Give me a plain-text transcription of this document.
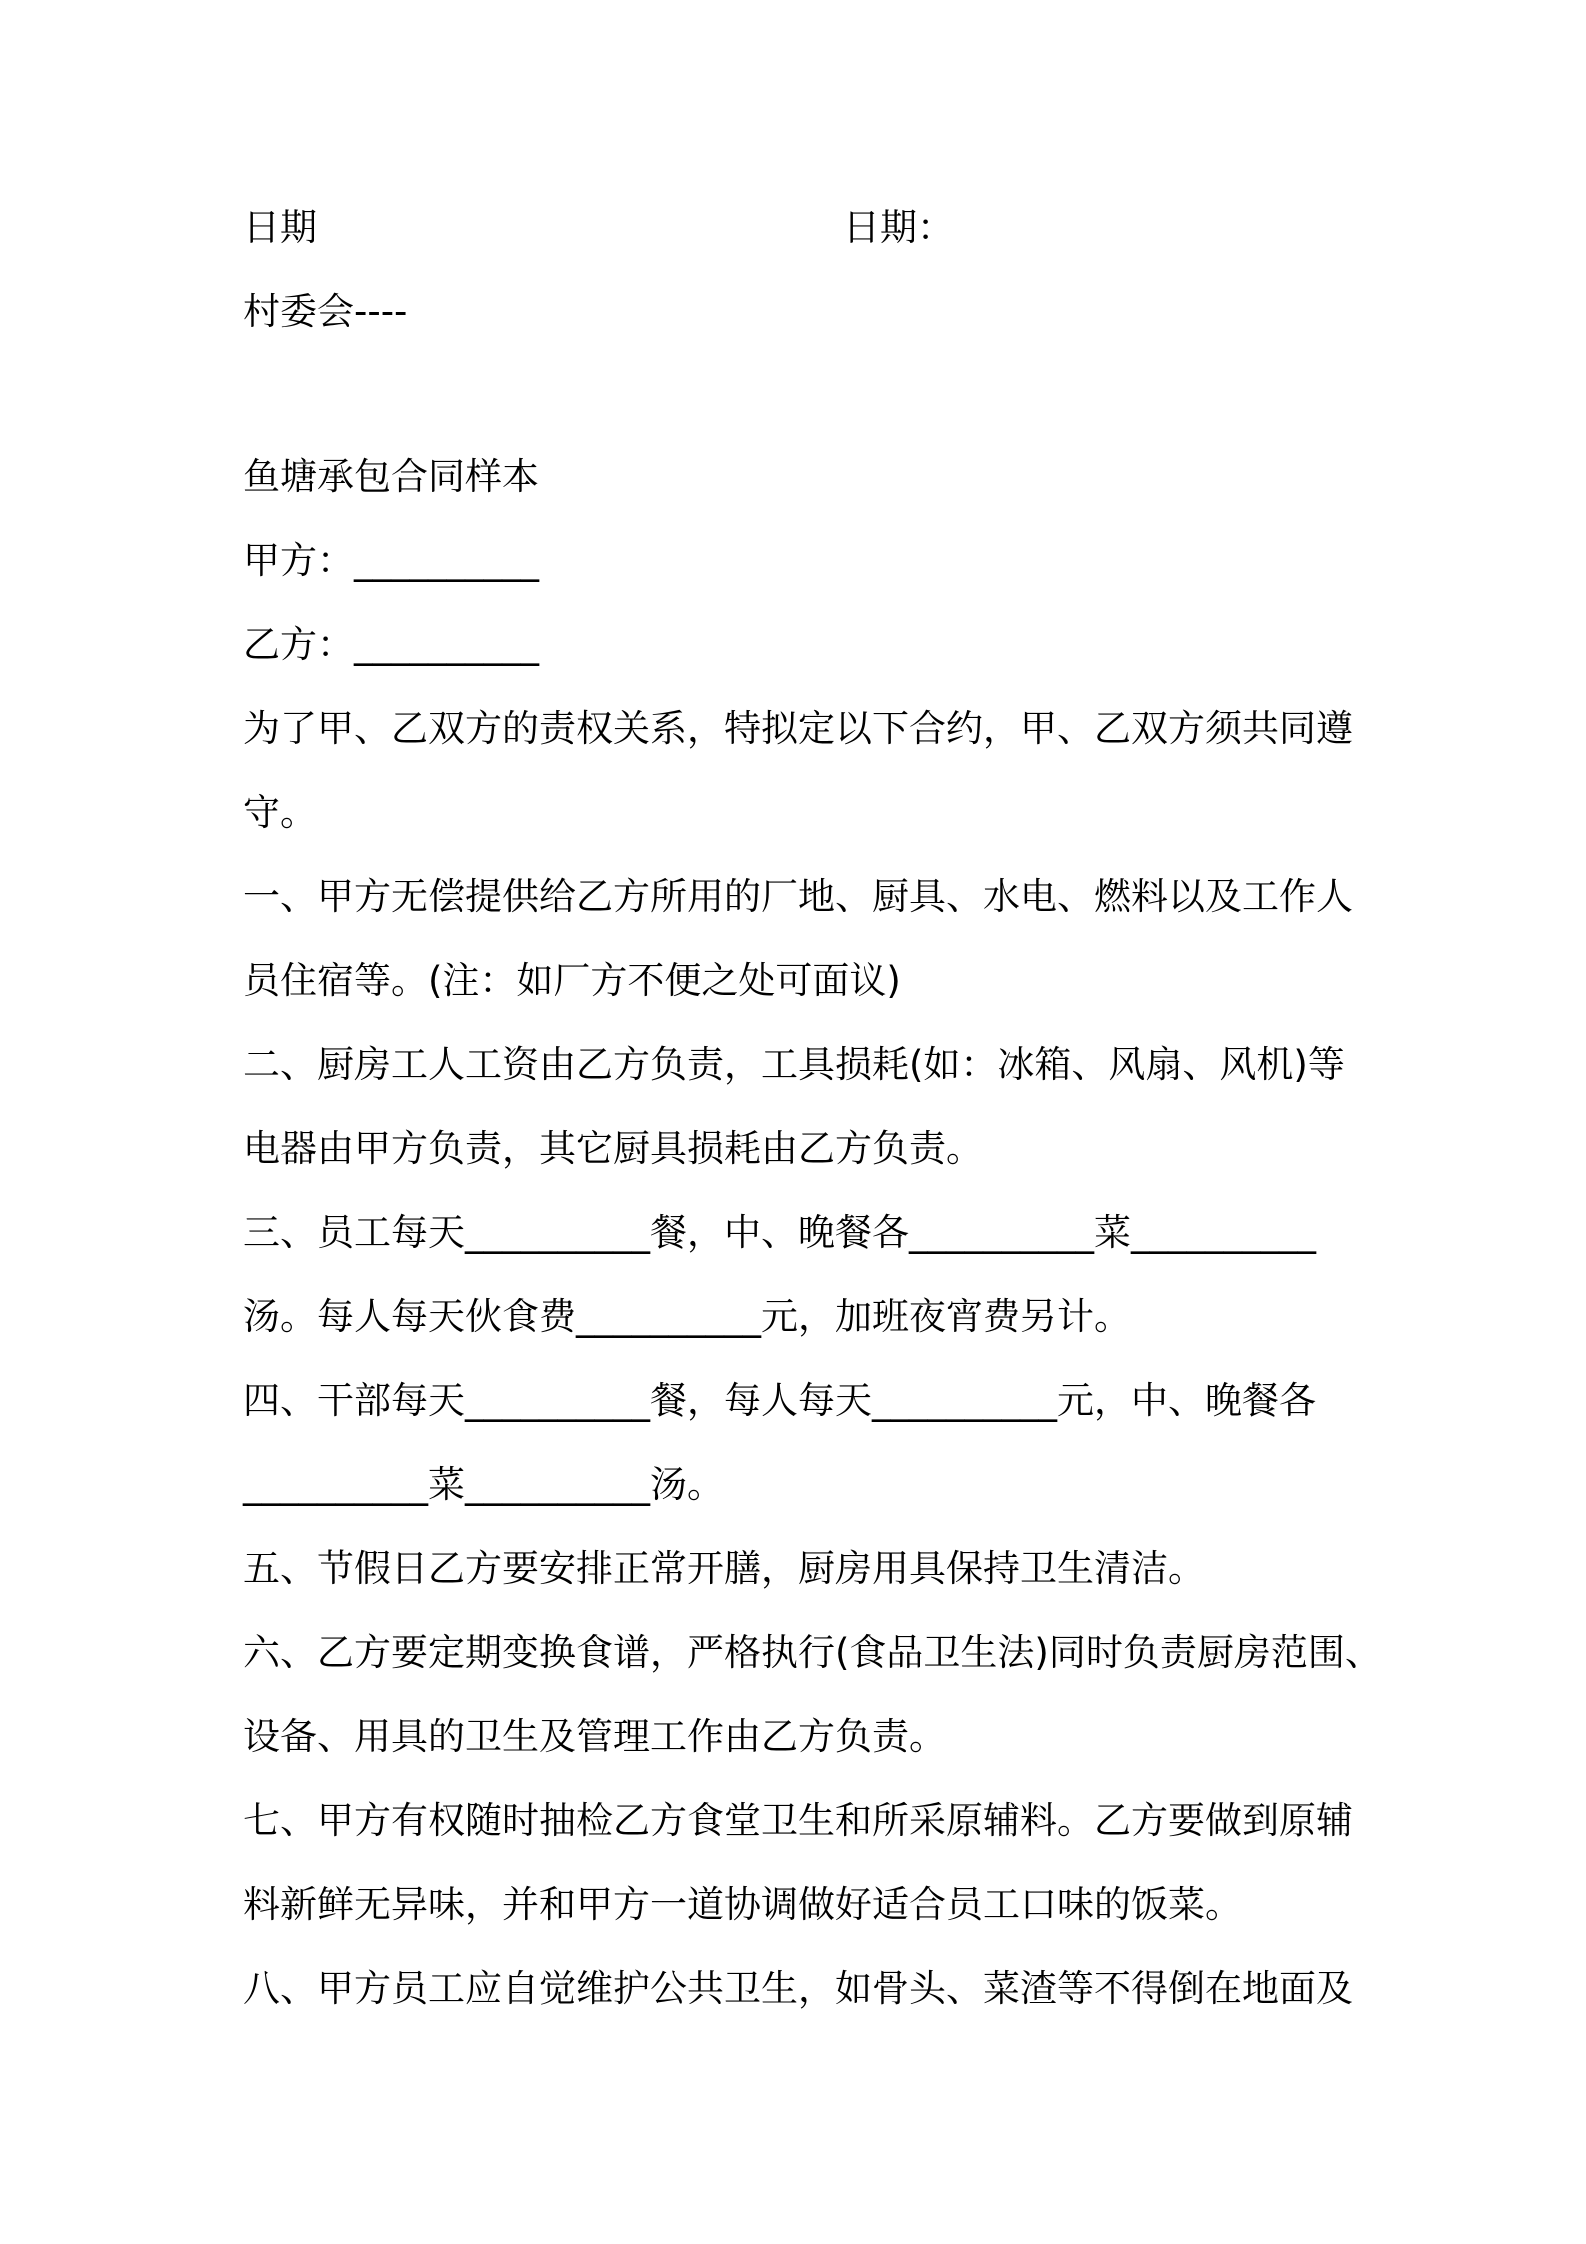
日期	日期：
村委会----
鱼塘承包合同样本
甲方：__________
乙方：__________
为了甲、乙双方的责权关系，特拟定以下合约，甲、乙双方须共同遵
守。
一、甲方无偿提供给乙方所用的厂地、厨具、水电、燃料以及工作人
员住宿等。(注：如厂方不便之处可面议)
二、厨房工人工资由乙方负责，工具损耗(如：冰箱、风扇、风机)等
电器由甲方负责，其它厨具损耗由乙方负责。
三、员工每天__________餐，中、晚餐各__________菜__________
汤。每人每天伙食费__________元，加班夜宵费另计。
四、干部每天__________餐，每人每天__________元，中、晚餐各
__________菜__________汤。
五、节假日乙方要安排正常开膳，厨房用具保持卫生清洁。
六、乙方要定期变换食谱，严格执行(食品卫生法)同时负责厨房范围、
设备、用具的卫生及管理工作由乙方负责。
七、甲方有权随时抽检乙方食堂卫生和所采原辅料。乙方要做到原辅
料新鲜无异味，并和甲方一道协调做好适合员工口味的饭菜。
八、甲方员工应自觉维护公共卫生，如骨头、菜渣等不得倒在地面及
